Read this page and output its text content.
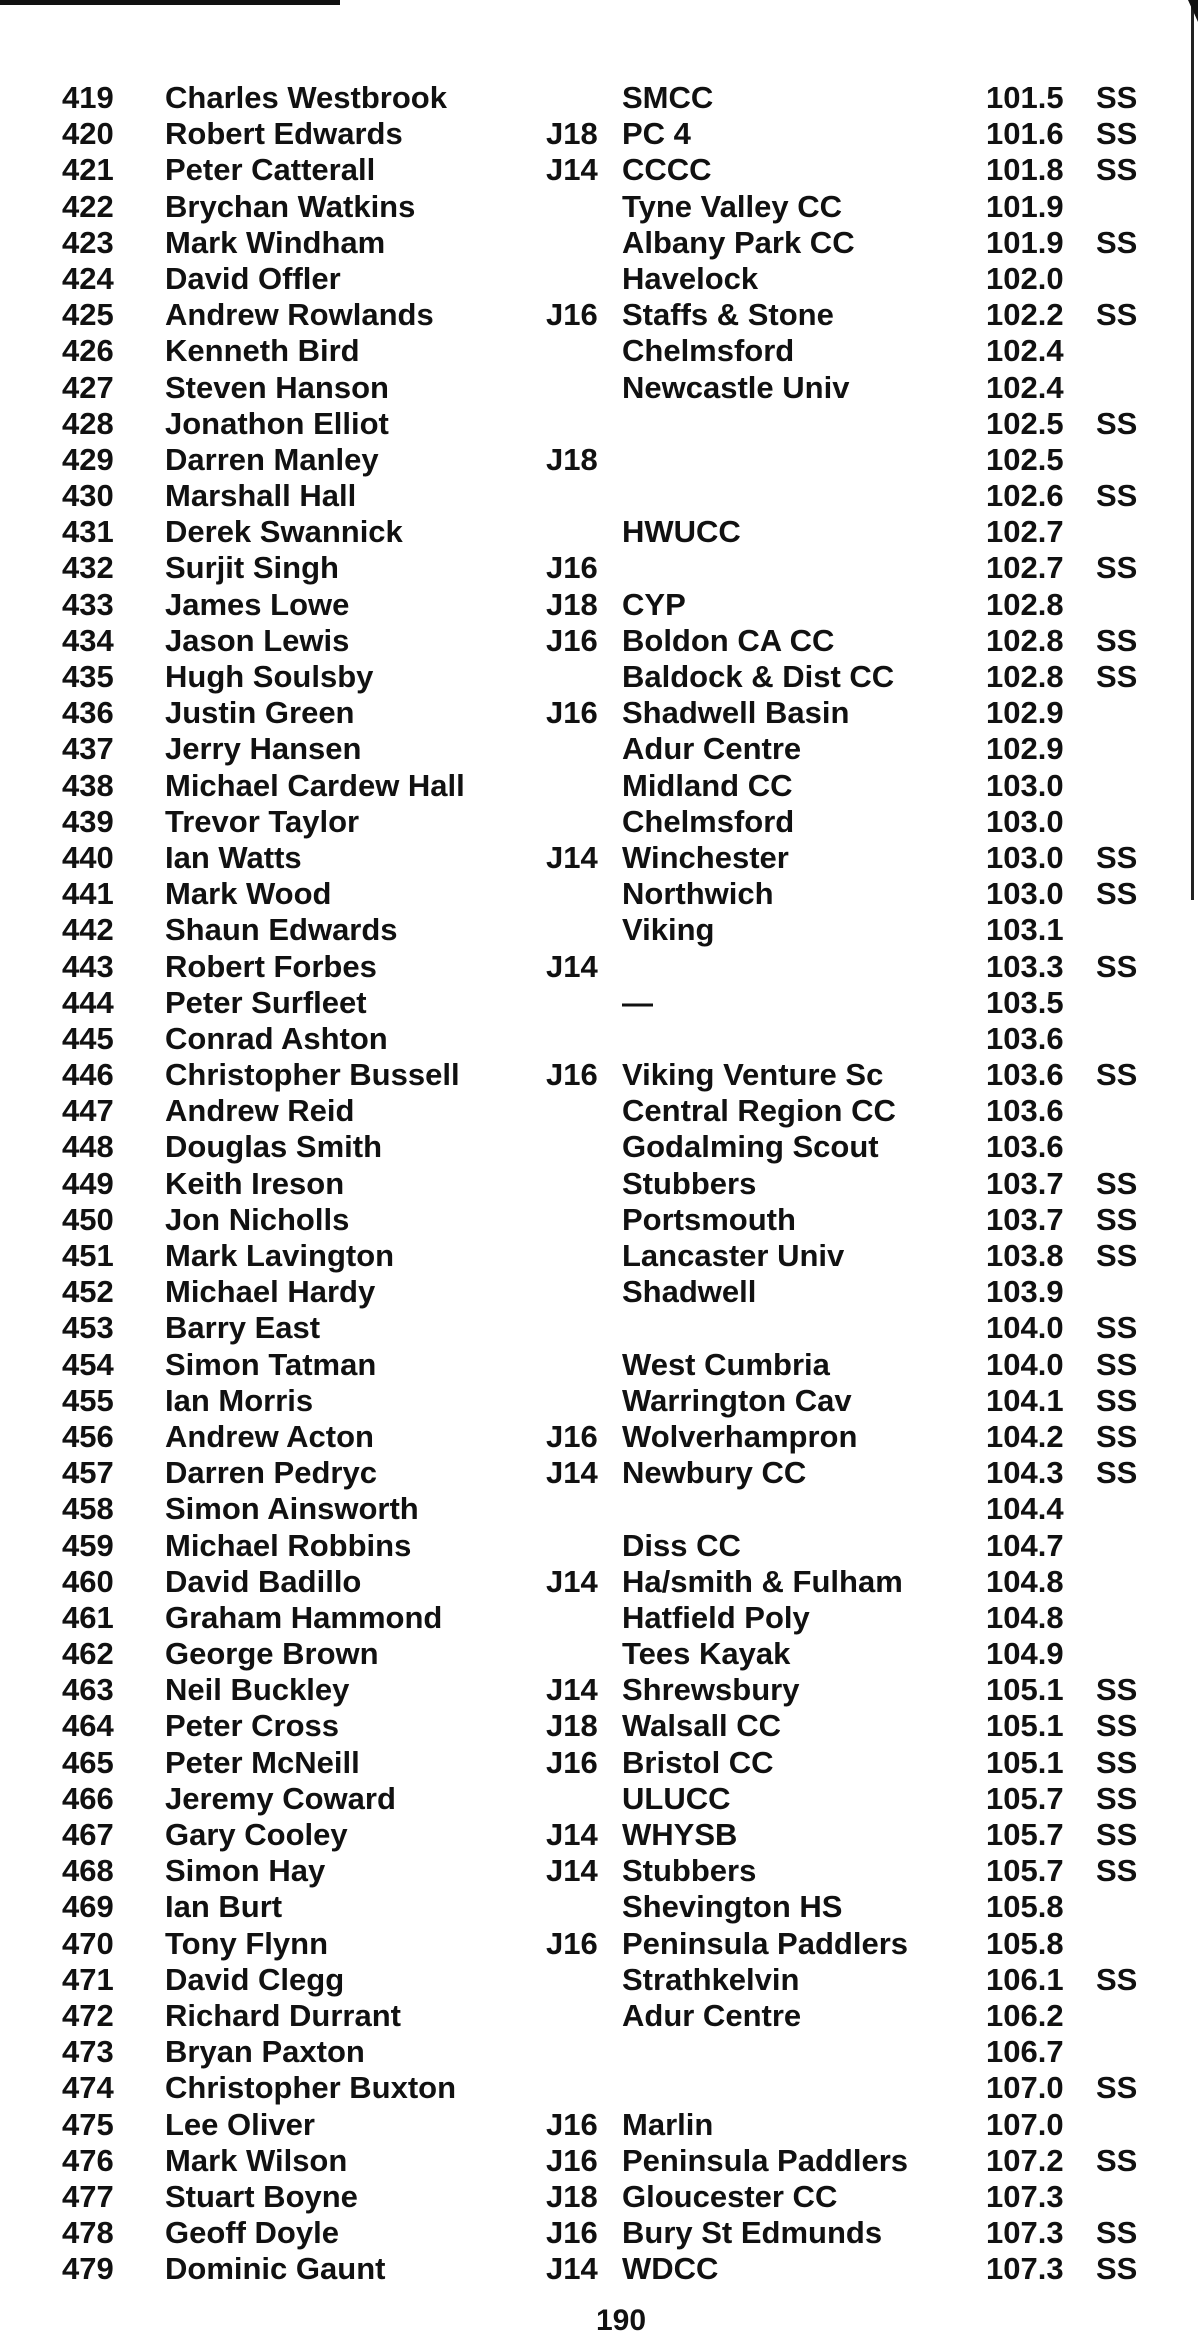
419 Charles Westbrook	SMCC	101.5 SS
420 Robert Edwards	J18 PC 4	101.6 SS
421 Peter Catterall	J14 CCCC	101.8 SS
422 Brychan Watkins	Tyne Valley CC	101.9
423 Mark Windham	Albany Park CC	101.9 SS
424 David Offler	Havelock	102.0
425 Andrew Rowlands	J16 Staffs & Stone	102.2 SS
426 Kenneth Bird	Chelmsford	102.4
427 Steven Hanson	Newcastle Univ	102.4
428 Jonathon Elliot	102.5 SS
429 Darren Manley	J18	102.5
430 Marshall Hall	102.6 SS
431 Derek Swannick	HWUCC	102.7
432 Surjit Singh	J16	102.7 SS
433 James Lowe	J18 CYP	102.8
434 Jason Lewis	J16 Boldon CA CC	102.8 SS
435 Hugh Soulsby	Baldock & Dist CC	102.8 SS
436 Justin Green	J16 Shadwell Basin	102.9
437 Jerry Hansen	Adur Centre	102.9
438 Michael Cardew Hall	Midland CC	103.0
439 Trevor Taylor	Chelmsford	103.0
440 Ian Watts	J14 Winchester	103.0 SS
441 Mark Wood	Northwich	103.0 SS
442 Shaun Edwards	Viking	103.1
443 Robert Forbes	J14	103.3 SS
444 Peter Surfleet	—	103.5
445 Conrad Ashton	103.6
446 Christopher Bussell	J16 Viking Venture Sc	103.6 SS
447 Andrew Reid	Central Region CC	103.6
448 Douglas Smith	Godalming Scout	103.6
449 Keith Ireson	Stubbers	103.7 SS
450 Jon Nicholls	Portsmouth	103.7 SS
451 Mark Lavington	Lancaster Univ	103.8 SS
452 Michael Hardy	Shadwell	103.9
453 Barry East	104.0 SS
454 Simon Tatman	West Cumbria	104.0 SS
455 Ian Morris	Warrington Cav	104.1 SS
456 Andrew Acton	J16 Wolverhampron	104.2 SS
457 Darren Pedryc	J14 Newbury CC	104.3 SS
458 Simon Ainsworth	104.4
459 Michael Robbins	Diss CC	104.7
460 David Badillo	J14 Ha/smith & Fulham	104.8
461 Graham Hammond	Hatfield Poly	104.8
462 George Brown	Tees Kayak	104.9
463 Neil Buckley	J14 Shrewsbury	105.1 SS
464 Peter Cross	J18 Walsall CC	105.1 SS
465 Peter McNeill	J16 Bristol CC	105.1 SS
466 Jeremy Coward	ULUCC	105.7 SS
467 Gary Cooley	J14 WHYSB	105.7 SS
468 Simon Hay	J14 Stubbers	105.7 SS
469 Ian Burt	Shevington HS	105.8
470 Tony Flynn	J16 Peninsula Paddlers	105.8
471 David Clegg	Strathkelvin	106.1 SS
472 Richard Durrant	Adur Centre	106.2
473 Bryan Paxton	106.7
474 Christopher Buxton	107.0 SS
475 Lee Oliver	J16 Marlin	107.0
476 Mark Wilson	J16 Peninsula Paddlers	107.2 SS
477 Stuart Boyne	J18 Gloucester CC	107.3
478 Geoff Doyle	J16 Bury St Edmunds	107.3 SS
479 Dominic Gaunt	J14 WDCC	107.3 SS
190
